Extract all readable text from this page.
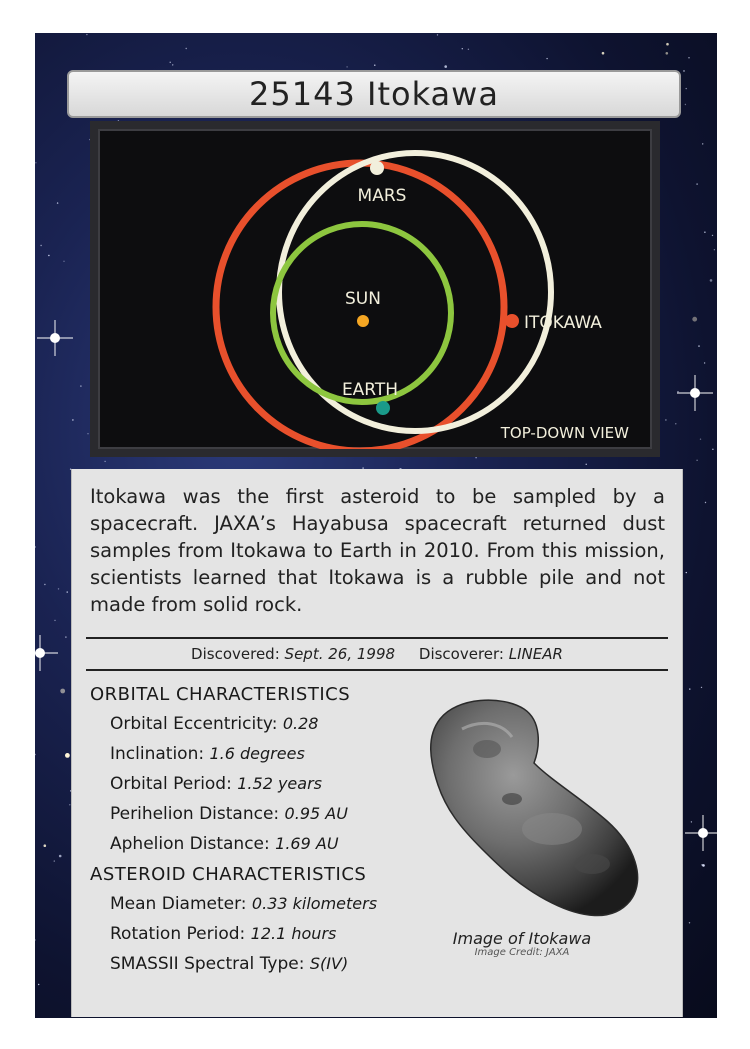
25143 Itokawa
MARS
SUN
ITOKAWA
EARTH
TOP-DOWN VIEW
Itokawa was the first asteroid to be sampled by a spacecraft. JAXA’s Hayabusa spacecraft returned dust samples from Itokawa to Earth in 2010. From this mission, scientists learned that Itokawa is a rubble pile and not made from solid rock.
Discovered: Sept. 26, 1998 Discoverer: LINEAR
ORBITAL CHARACTERISTICS
Orbital Eccentricity: 0.28
Inclination: 1.6 degrees
Orbital Period: 1.52 years
Perihelion Distance: 0.95 AU
Aphelion Distance: 1.69 AU
ASTEROID CHARACTERISTICS
Mean Diameter: 0.33 kilometers
Rotation Period: 12.1 hours
SMASSII Spectral Type: S(IV)
Image of Itokawa
Image Credit: JAXA
